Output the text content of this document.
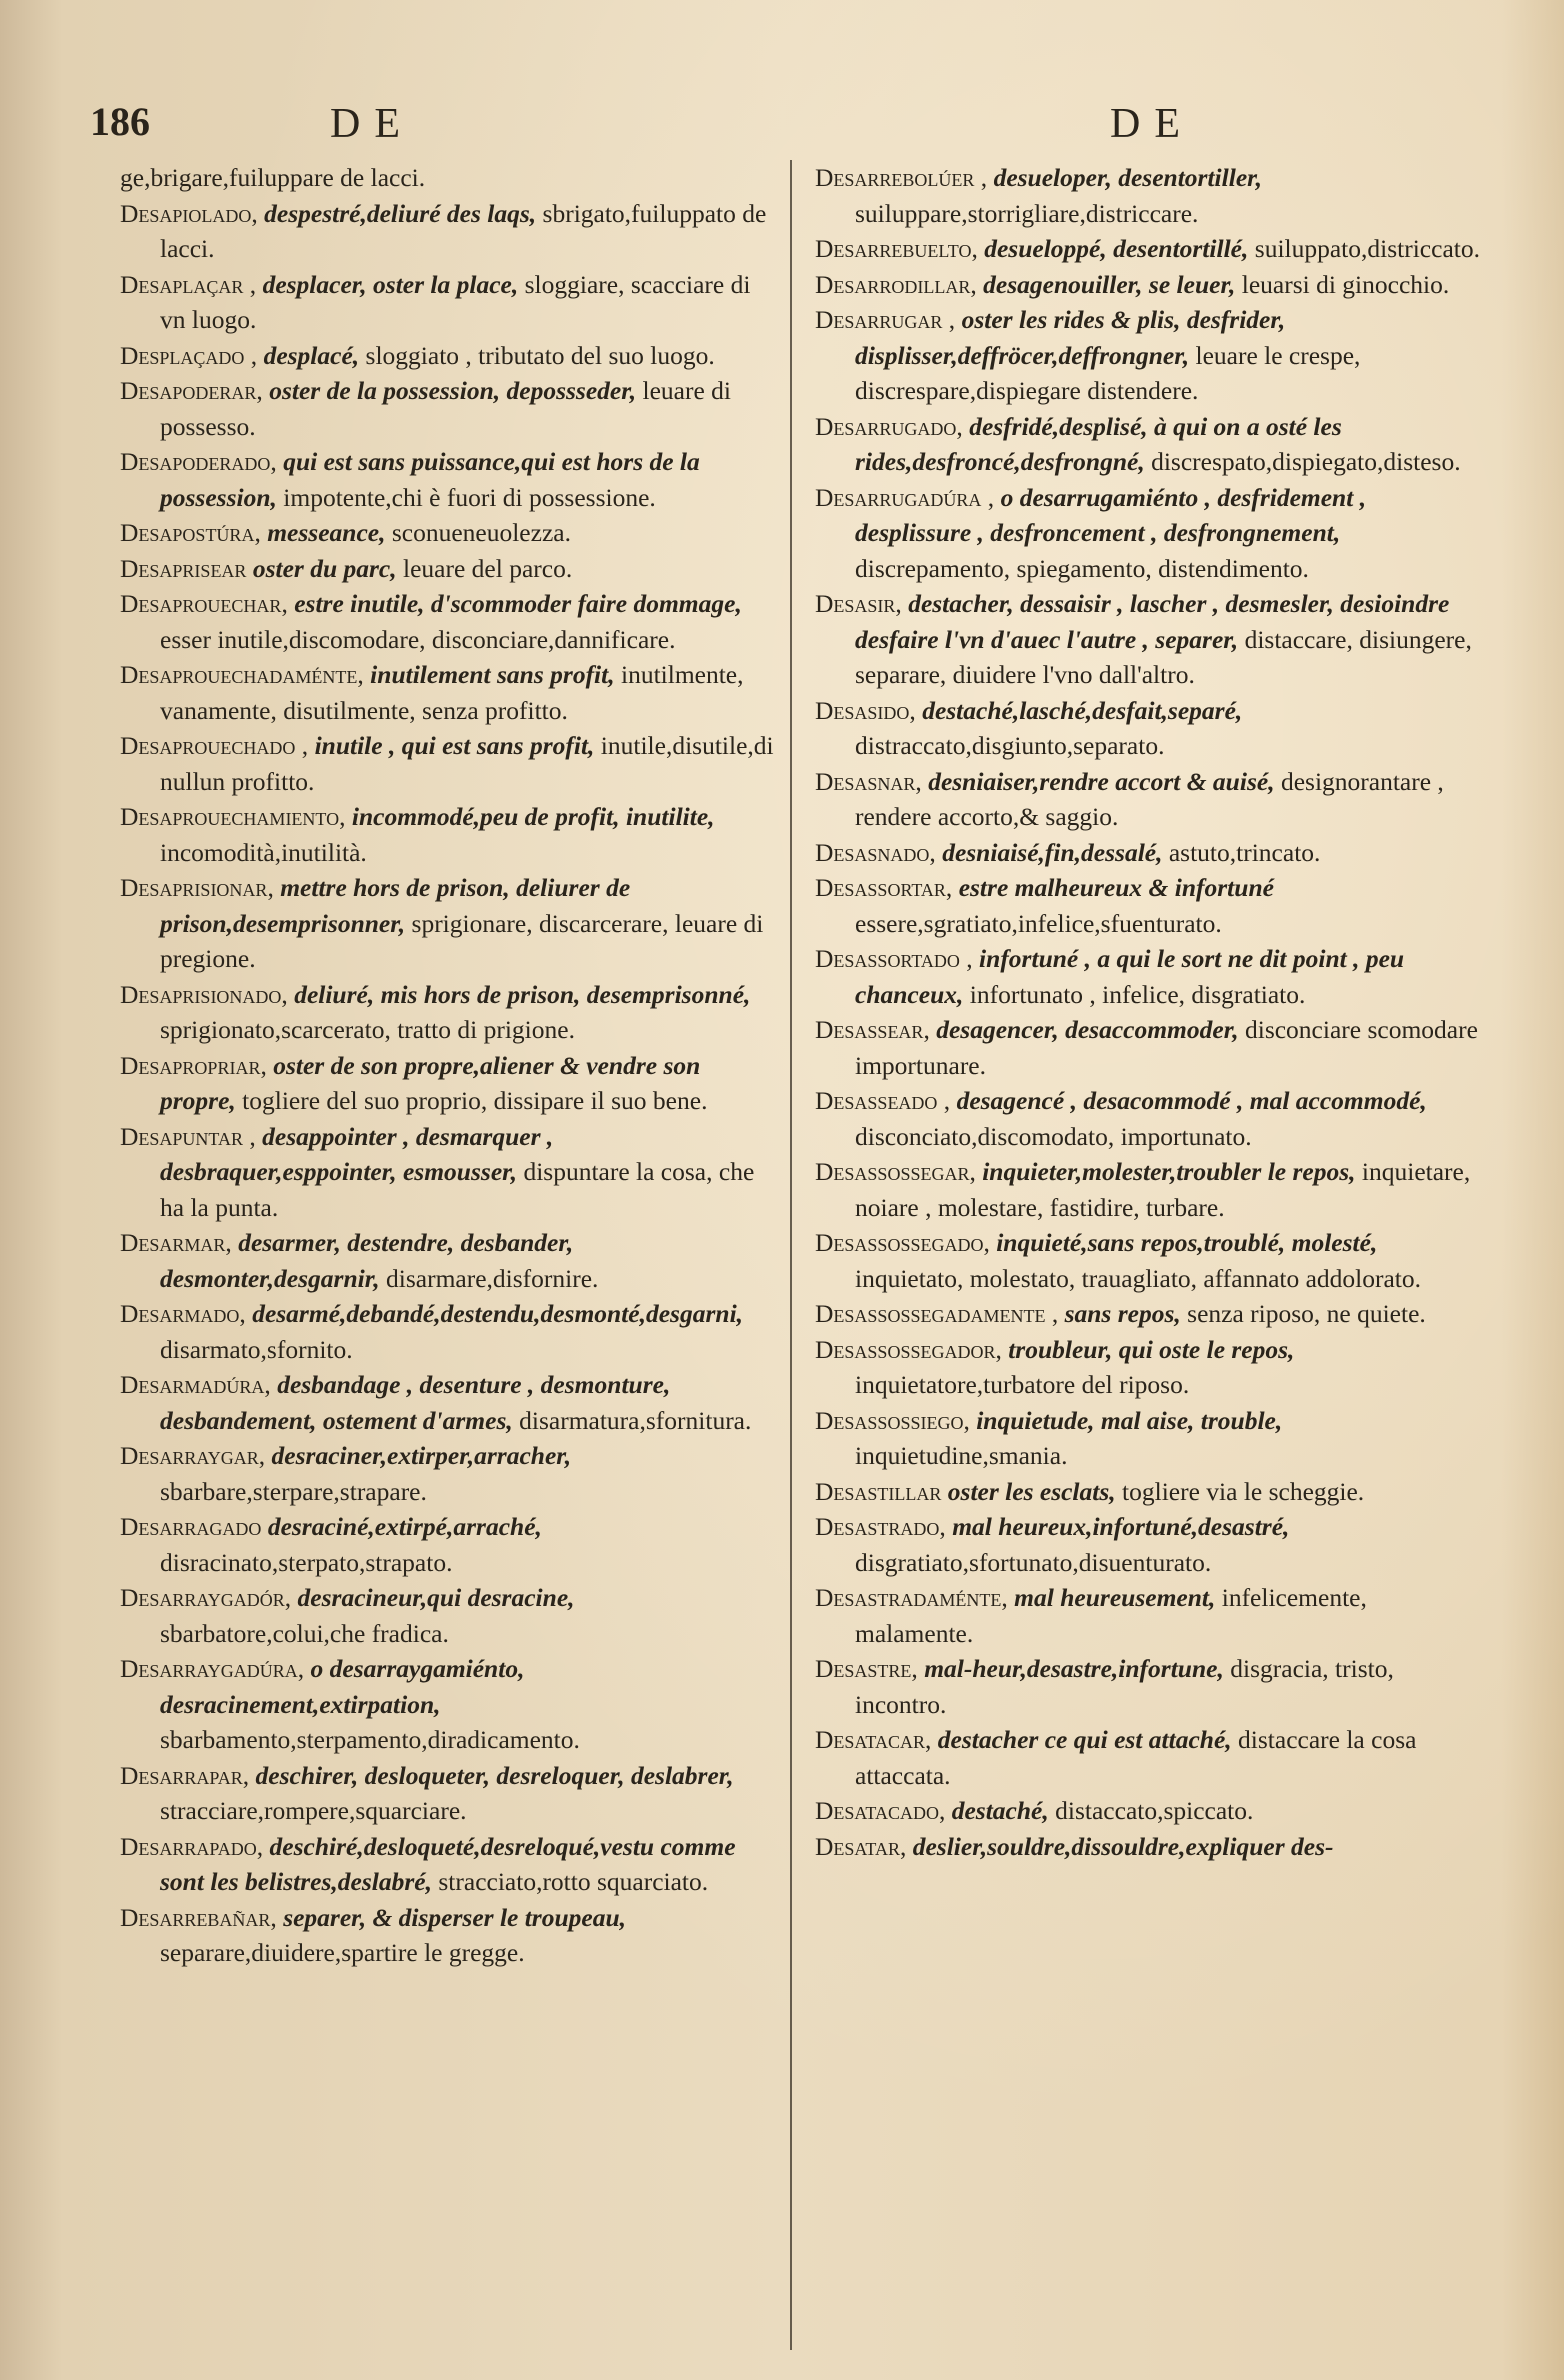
186	DE	DE

ge,brigare,fuiluppare de lacci.

Desapiolado, despestré,deliuré des laqs, sbrigato,fuiluppato de lacci.

Desaplaçar , desplacer, oster la place, sloggiare, scacciare di vn luogo.

Desplaçado , desplacé, sloggiato , tributato del suo luogo.

Desapoderar, oster de la possession, depossseder, leuare di possesso.

Desapoderado, qui est sans puissance,qui est hors de la possession, impotente,chi è fuori di possessione.

Desapostúra, messeance, sconueneuolezza.

Desaprisear oster du parc, leuare del parco.

Desaprouechar, estre inutile, d'scommoder faire dommage, esser inutile,discomodare, disconciare,dannificare.

Desaprouechadaménte, inutilement sans profit, inutilmente, vanamente, disutilmente, senza profitto.

Desaprouechado , inutile , qui est sans profit, inutile,disutile,di nullun profitto.

Desaprouechamiento, incommodé,peu de profit, inutilite, incomodità,inutilità.

Desaprisionar, mettre hors de prison, deliurer de prison,desemprisonner, sprigionare, discarcerare, leuare di pregione.

Desaprisionado, deliuré, mis hors de prison, desemprisonné, sprigionato,scarcerato, tratto di prigione.

Desapropriar, oster de son propre,aliener & vendre son propre, togliere del suo proprio, dissipare il suo bene.

Desapuntar , desappointer , desmarquer , desbraquer,esppointer, esmousser, dispuntare la cosa, che ha la punta.

Desarmar, desarmer, destendre, desbander, desmonter,desgarnir, disarmare,disfornire.

Desarmado, desarmé,debandé,destendu,desmonté,desgarni, disarmato,sfornito.

Desarmadúra, desbandage , desenture , desmonture, desbandement, ostement d'armes, disarmatura,sfornitura.

Desarraygar, desraciner,extirper,arracher, sbarbare,sterpare,strapare.

Desarragado desraciné,extirpé,arraché, disracinato,sterpato,strapato.

Desarraygadór, desracineur,qui desracine, sbarbatore,colui,che fradica.

Desarraygadúra, o desarraygamiénto, desracinement,extirpation, sbarbamento,sterpamento,diradicamento.

Desarrapar, deschirer, desloqueter, desreloquer, deslabrer, stracciare,rompere,squarciare.

Desarrapado, deschiré,desloqueté,desreloqué,vestu comme sont les belistres,deslabré, stracciato,rotto squarciato.

Desarrebañar, separer, & disperser le troupeau, separare,diuidere,spartire le gregge.

Desarrebolúer , desueloper, desentortiller, suiluppare,storrigliare,districcare.

Desarrebuelto, desueloppé, desentortillé, suiluppato,districcato.

Desarrodillar, desagenouiller, se leuer, leuarsi di ginocchio.

Desarrugar , oster les rides & plis, desfrider, displisser,deffröcer,deffrongner, leuare le crespe, discrespare,dispiegare distendere.

Desarrugado, desfridé,desplisé, à qui on a osté les rides,desfroncé,desfrongné, discrespato,dispiegato,disteso.

Desarrugadúra , o desarrugamiénto , desfridement , desplissure , desfroncement , desfrongnement, discrepamento, spiegamento, distendimento.

Desasir, destacher, dessaisir , lascher , desmesler, desioindre desfaire l'vn d'auec l'autre , separer, distaccare, disiungere, separare, diuidere l'vno dall'altro.

Desasido, destaché,lasché,desfait,separé, distraccato,disgiunto,separato.

Desasnar, desniaiser,rendre accort & auisé, designorantare , rendere accorto,& saggio.

Desasnado, desniaisé,fin,dessalé, astuto,trincato.

Desassortar, estre malheureux & infortuné essere,sgratiato,infelice,sfuenturato.

Desassortado , infortuné , a qui le sort ne dit point , peu chanceux, infortunato , infelice, disgratiato.

Desassear, desagencer, desaccommoder, disconciare scomodare importunare.

Desasseado , desagencé , desacommodé , mal accommodé, disconciato,discomodato, importunato.

Desassossegar, inquieter,molester,troubler le repos, inquietare, noiare , molestare, fastidire, turbare.

Desassossegado, inquieté,sans repos,troublé, molesté, inquietato, molestato, trauagliato, affannato addolorato.

Desassossegadamente , sans repos, senza riposo, ne quiete.

Desassossegador, troubleur, qui oste le repos, inquietatore,turbatore del riposo.

Desassossiego, inquietude, mal aise, trouble, inquietudine,smania.

Desastillar oster les esclats, togliere via le scheggie.

Desastrado, mal heureux,infortuné,desastré, disgratiato,sfortunato,disuenturato.

Desastradaménte, mal heureusement, infelicemente, malamente.

Desastre, mal-heur,desastre,infortune, disgracia, tristo, incontro.

Desatacar, destacher ce qui est attaché, distaccare la cosa attaccata.

Desatacado, destaché, distaccato,spiccato.

Desatar, deslier,souldre,dissouldre,expliquer des-
